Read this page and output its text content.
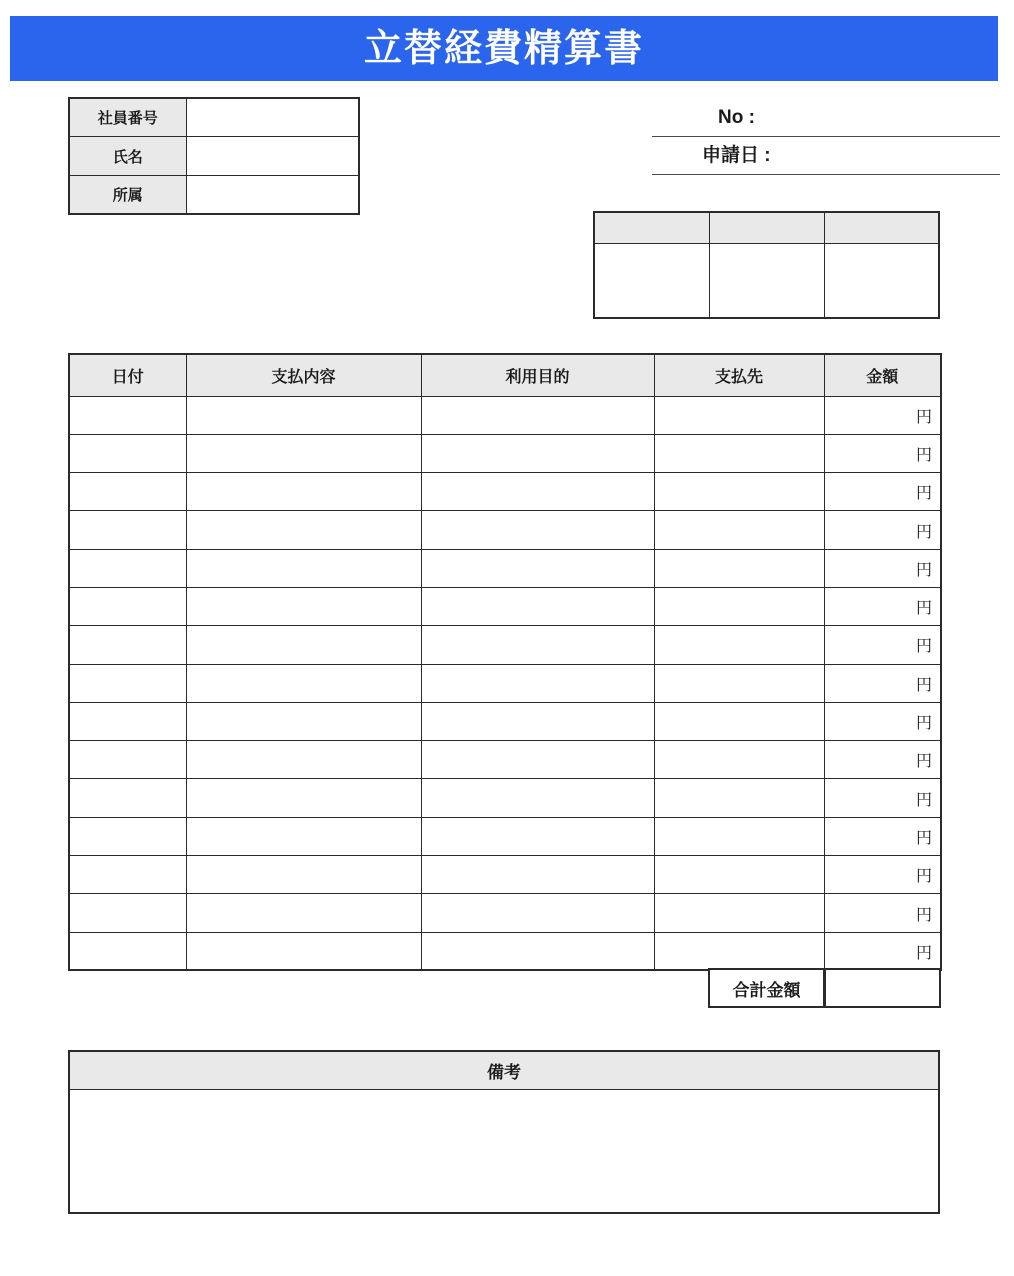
立替経費精算書
社員番号	
氏名	
所属	
No :
申請日 :

日付	支払内容	利用目的	支払先	金額
				円
				円
				円
				円
				円
				円
				円
				円
				円
				円
				円
				円
				円
				円
				円
合計金額
備考
